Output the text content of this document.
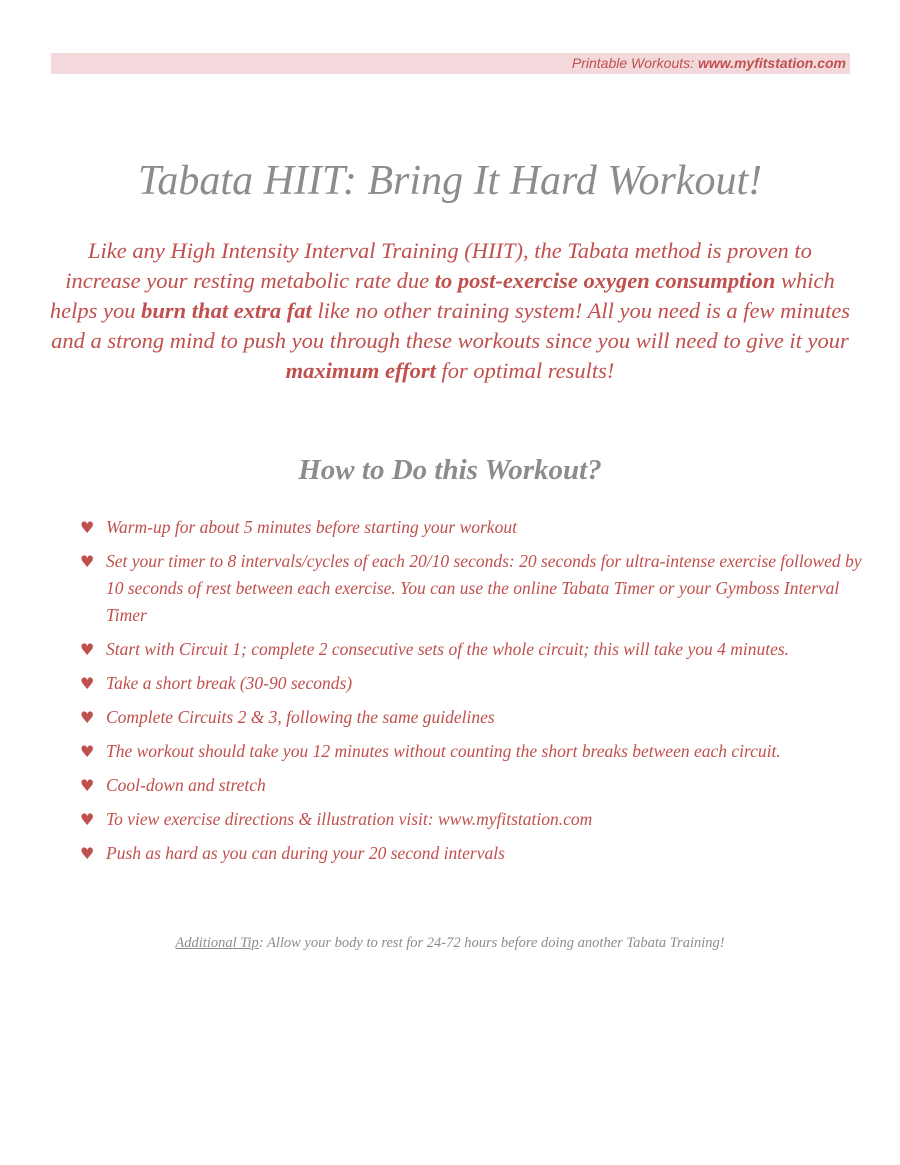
Printable Workouts: www.myfitstation.com
Tabata HIIT: Bring It Hard Workout!
Like any High Intensity Interval Training (HIIT), the Tabata method is proven to increase your resting metabolic rate due to post-exercise oxygen consumption which helps you burn that extra fat like no other training system! All you need is a few minutes and a strong mind to push you through these workouts since you will need to give it your maximum effort for optimal results!
How to Do this Workout?
♥ Warm-up for about 5 minutes before starting your workout
♥ Set your timer to 8 intervals/cycles of each 20/10 seconds: 20 seconds for ultra-intense exercise followed by 10 seconds of rest between each exercise. You can use the online Tabata Timer or your Gymboss Interval Timer
♥ Start with Circuit 1; complete 2 consecutive sets of the whole circuit; this will take you 4 minutes.
♥ Take a short break (30-90 seconds)
♥ Complete Circuits 2 & 3, following the same guidelines
♥ The workout should take you 12 minutes without counting the short breaks between each circuit.
♥ Cool-down and stretch
♥ To view exercise directions & illustration visit: www.myfitstation.com
♥ Push as hard as you can during your 20 second intervals
Additional Tip: Allow your body to rest for 24-72 hours before doing another Tabata Training!
